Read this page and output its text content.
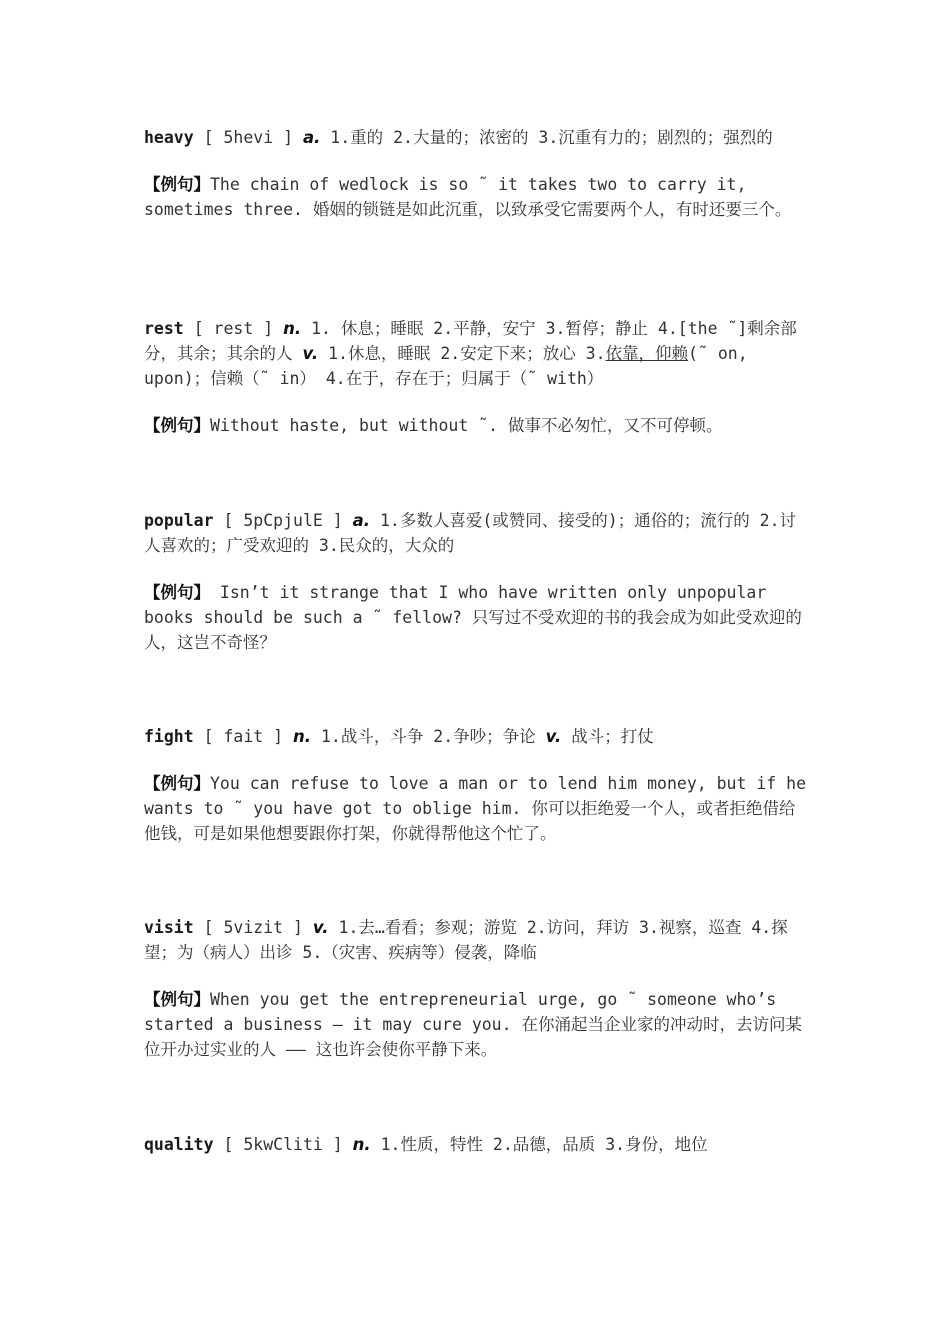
heavy [ 5hevi ] a. 1.重的 2.大量的；浓密的 3.沉重有力的；剧烈的；强烈的
【例句】The chain of wedlock is so ˜ it takes two to carry it, sometimes three. 婚姻的锁链是如此沉重，以致承受它需要两个人，有时还要三个。
rest [ rest ] n. 1. 休息；睡眠 2.平静，安宁 3.暂停；静止 4.[the ˜]剩余部分，其余；其余的人 v. 1.休息，睡眠 2.安定下来；放心 3.依靠，仰赖(˜ on, upon)；信赖（˜ in） 4.在于，存在于；归属于（˜ with）
【例句】Without haste, but without ˜. 做事不必匆忙，又不可停顿。
popular [ 5pCpjulE ] a. 1.多数人喜爱(或赞同、接受的)；通俗的；流行的 2.讨人喜欢的；广受欢迎的 3.民众的，大众的
【例句】 Isn’t it strange that I who have written only unpopular books should be such a ˜ fellow? 只写过不受欢迎的书的我会成为如此受欢迎的人，这岂不奇怪？
fight [ fait ] n. 1.战斗，斗争 2.争吵；争论 v. 战斗；打仗
【例句】You can refuse to love a man or to lend him money, but if he wants to ˜ you have got to oblige him. 你可以拒绝爱一个人，或者拒绝借给他钱，可是如果他想要跟你打架，你就得帮他这个忙了。
visit [ 5vizit ] v. 1.去…看看；参观；游览 2.访问，拜访 3.视察，巡查 4.探望；为（病人）出诊 5.（灾害、疾病等）侵袭，降临
【例句】When you get the entrepreneurial urge, go ˜ someone who’s started a business — it may cure you. 在你涌起当企业家的冲动时，去访问某位开办过实业的人 —— 这也许会使你平静下来。
quality [ 5kwCliti ] n. 1.性质，特性 2.品德，品质 3.身份，地位
